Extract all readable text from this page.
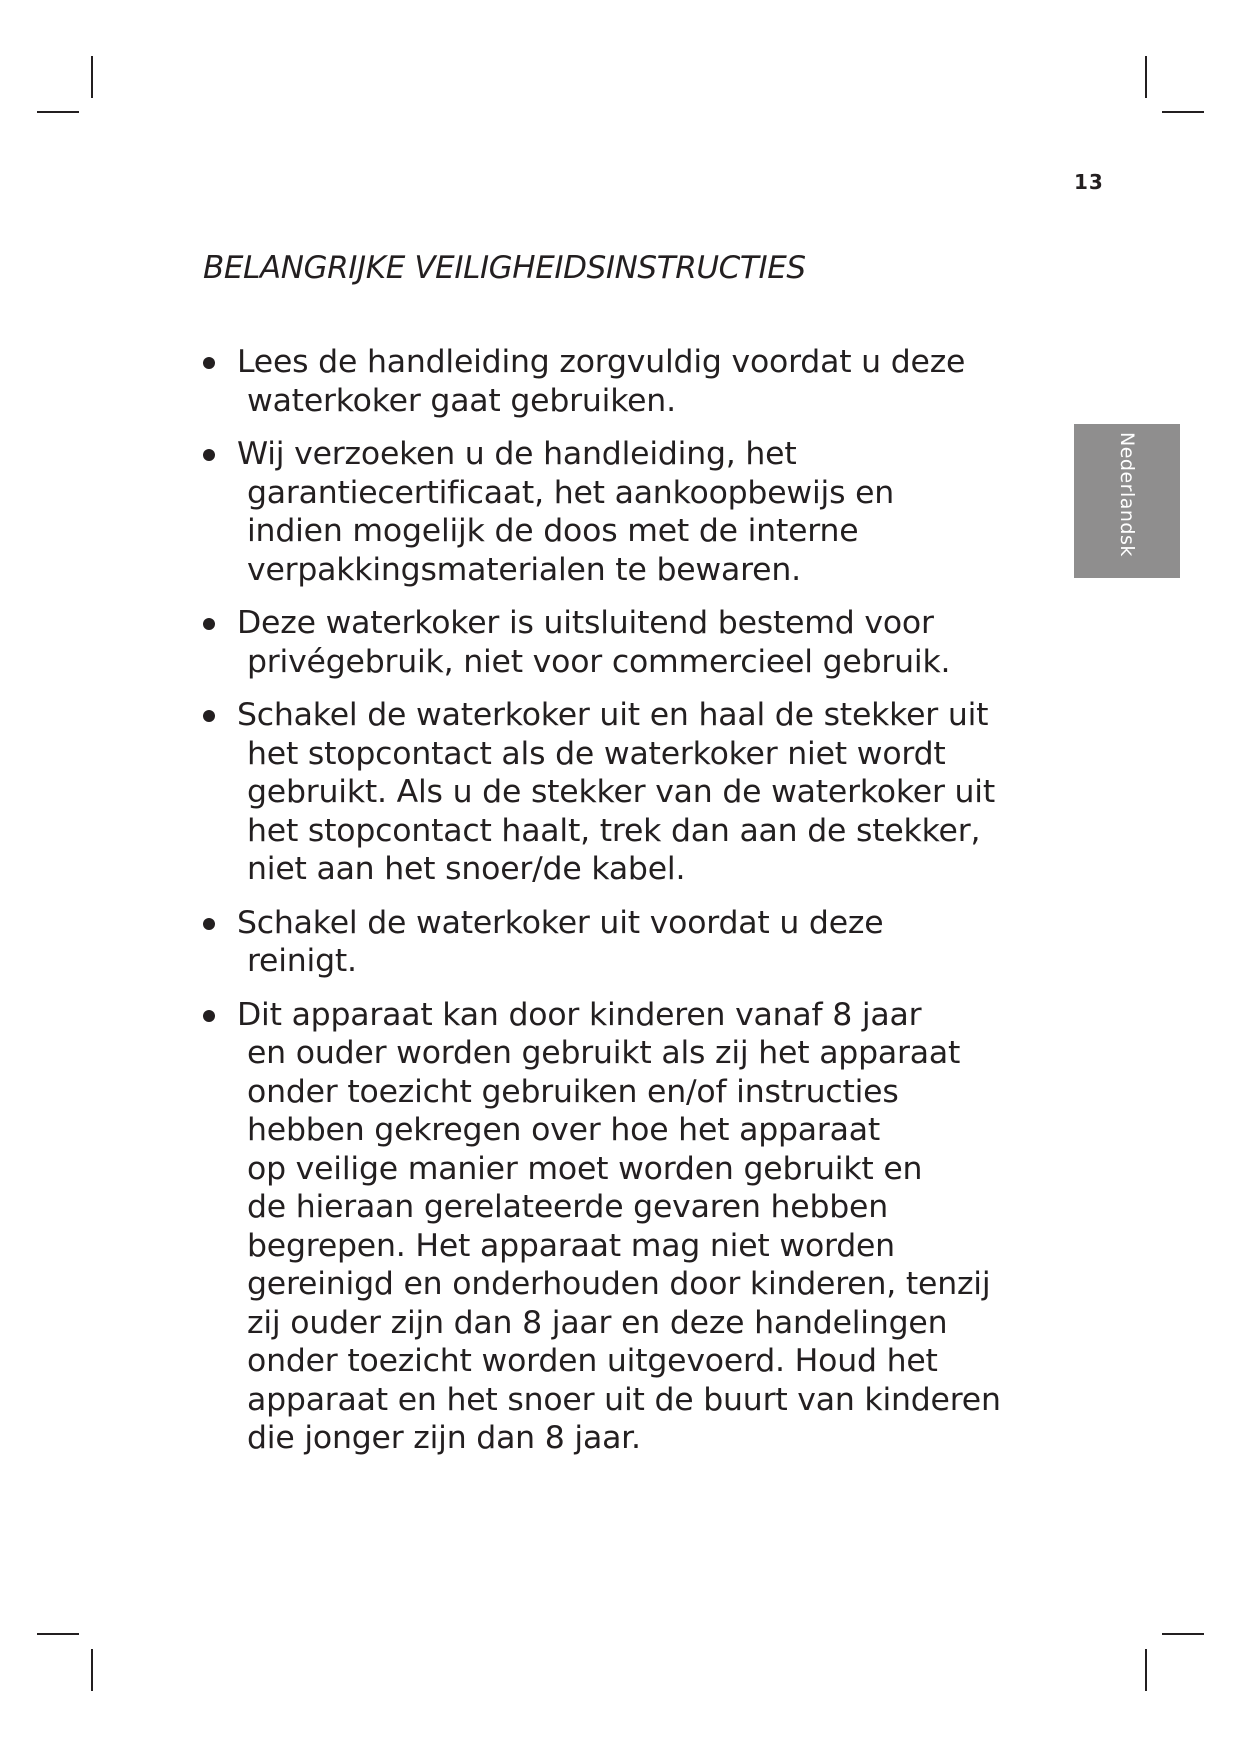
13
BELANGRIJKE VEILIGHEIDSINSTRUCTIES
Lees de handleiding zorgvuldig voordat u deze
waterkoker gaat gebruiken.
Wij verzoeken u de handleiding, het
garantiecertificaat, het aankoopbewijs en
indien mogelijk de doos met de interne
verpakkingsmaterialen te bewaren.
Deze waterkoker is uitsluitend bestemd voor
privégebruik, niet voor commercieel gebruik.
Schakel de waterkoker uit en haal de stekker uit
het stopcontact als de waterkoker niet wordt
gebruikt. Als u de stekker van de waterkoker uit
het stopcontact haalt, trek dan aan de stekker,
niet aan het snoer/de kabel.
Schakel de waterkoker uit voordat u deze
reinigt.
Dit apparaat kan door kinderen vanaf 8 jaar
en ouder worden gebruikt als zij het apparaat
onder toezicht gebruiken en/of instructies
hebben gekregen over hoe het apparaat
op veilige manier moet worden gebruikt en
de hieraan gerelateerde gevaren hebben
begrepen. Het apparaat mag niet worden
gereinigd en onderhouden door kinderen, tenzij
zij ouder zijn dan 8 jaar en deze handelingen
onder toezicht worden uitgevoerd. Houd het
apparaat en het snoer uit de buurt van kinderen
die jonger zijn dan 8 jaar.
Nederlandsk
